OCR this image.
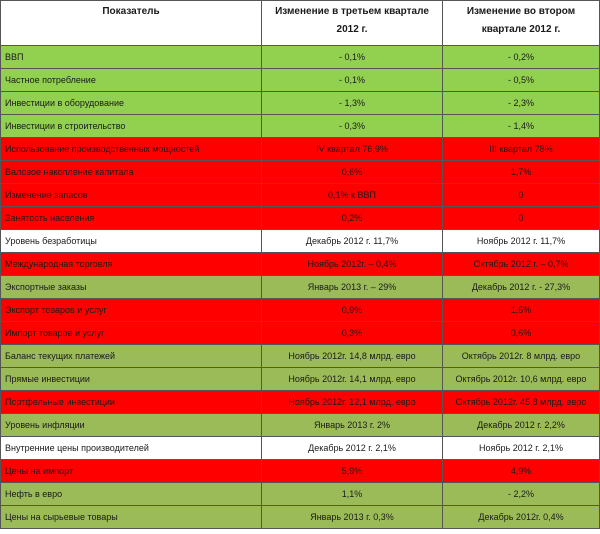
Показатель	Изменение в третьем квартале 2012 г.	Изменение во втором квартале 2012 г.
ВВП	- 0,1%	- 0,2%
Частное потребление	- 0,1%	- 0,5%
Инвестиции в оборудование	- 1,3%	- 2,3%
Инвестиции в строительство	- 0,3%	- 1,4%
Использование производственных мощностей	IV квартал 76,9%	III квартал 78%
Валовое накопление капитала	0,6%	1,7%
Изменение запасов	0,1% к ВВП	0
Занятость населения	0,2%	0
Уровень безработицы	Декабрь 2012 г. 11,7%	Ноябрь 2012 г. 11,7%
Международная торговля	Ноябрь 2012г. – 0,4%	Октябрь 2012 г. – 0,7%
Экспортные заказы	Январь 2013 г. – 29%	Декабрь 2012 г. - 27,3%
Экспорт товаров и услуг	0,9%	1,6%
Импорт товаров и услуг	0,3%	0,6%
Баланс текущих платежей	Ноябрь 2012г. 14,8 млрд. евро	Октябрь 2012г. 8 млрд. евро
Прямые инвестиции	Ноябрь 2012г. 14,1 млрд. евро	Октябрь 2012г. 10,6 млрд. евро
Портфельные инвестиции	Ноябрь 2012г. 12,1 млрд. евро	Октябрь 2012г. 45,8 млрд. евро
Уровень инфляции	Январь 2013 г. 2%	Декабрь 2012 г. 2,2%
Внутренние цены производителей	Декабрь 2012 г. 2,1%	Ноябрь 2012 г. 2,1%
Цены на импорт	5,9%	4,9%
Нефть в евро	1,1%	- 2,2%
Цены на сырьевые товары	Январь 2013 г. 0,3%	Декабрь 2012г. 0,4%
